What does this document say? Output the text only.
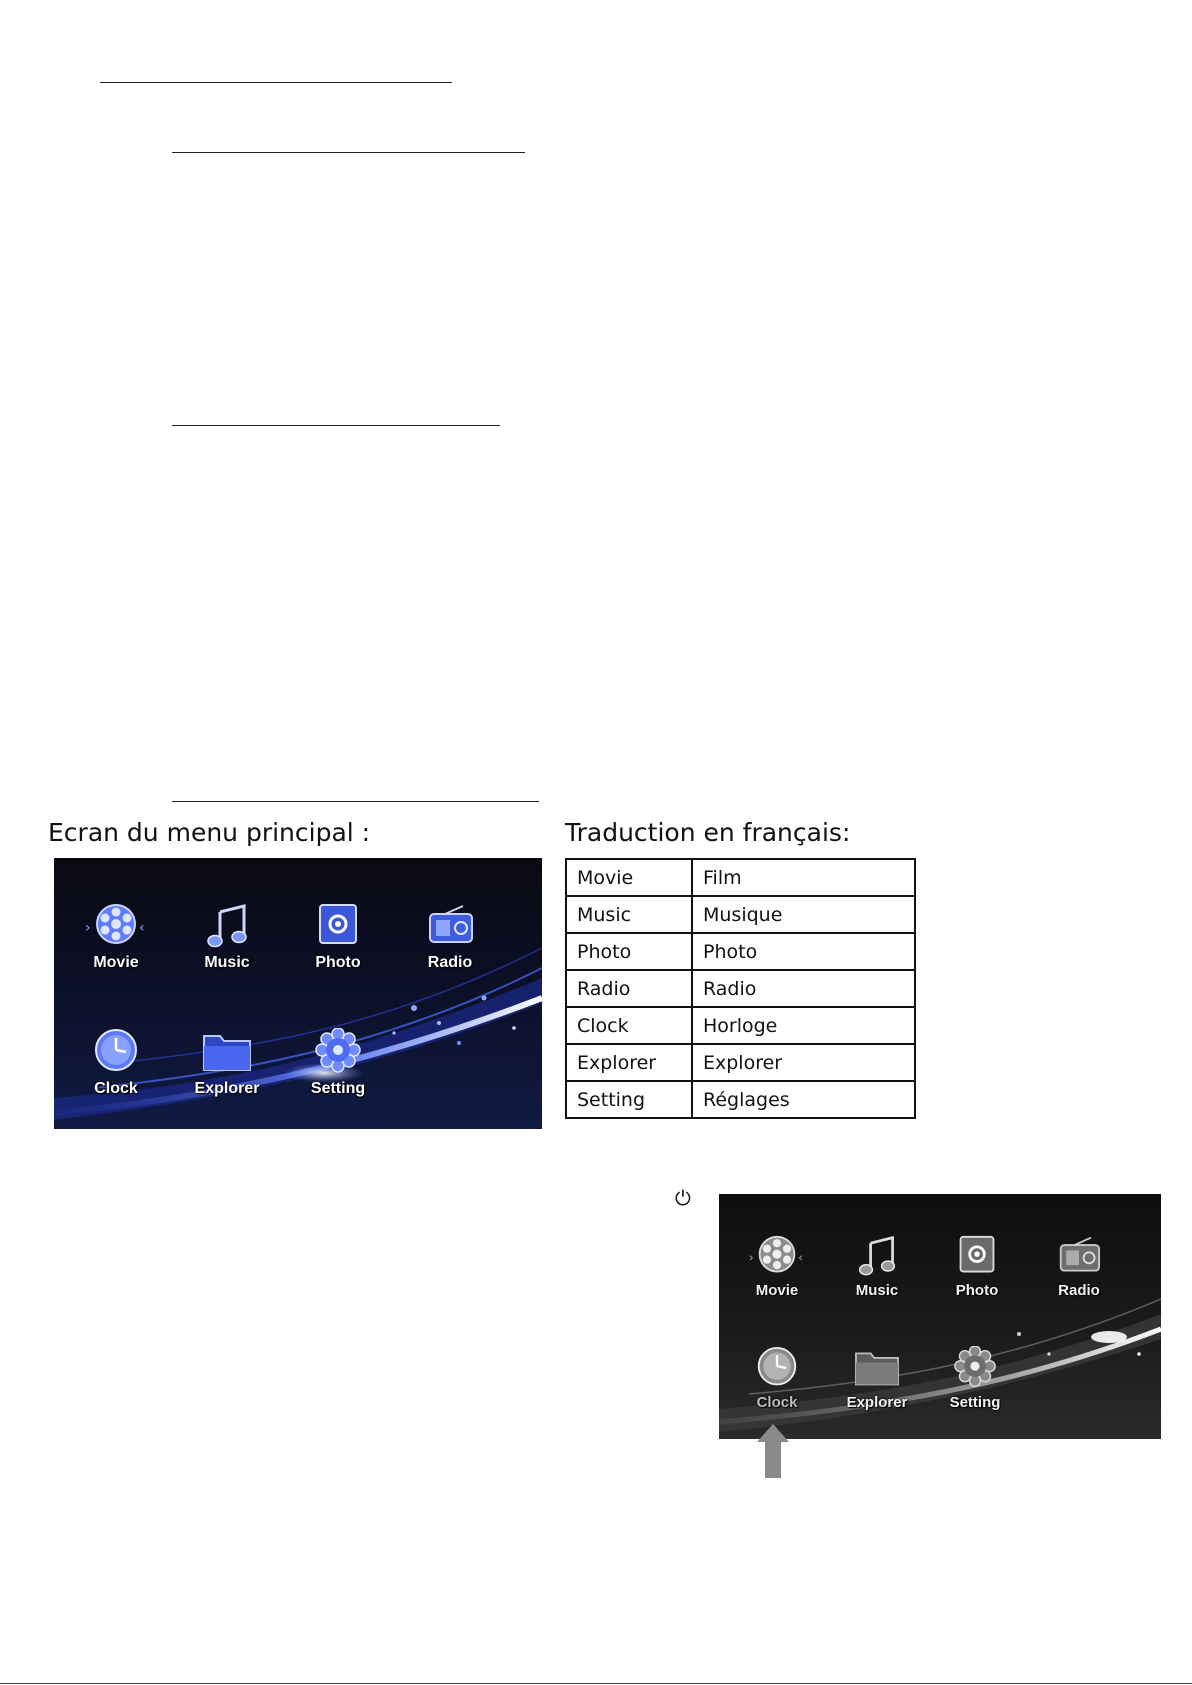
Ecran du menu principal :	Traduction en français:
›	‹
Movie	Music	Photo	Radio
Clock	Explorer	Setting
Movie	Film
Music	Musique
Photo	Photo
Radio	Radio
Clock	Horloge
Explorer	Explorer
Setting	Réglages
⏻
›	‹
Movie	Music	Photo	Radio
Clock	Explorer	Setting
